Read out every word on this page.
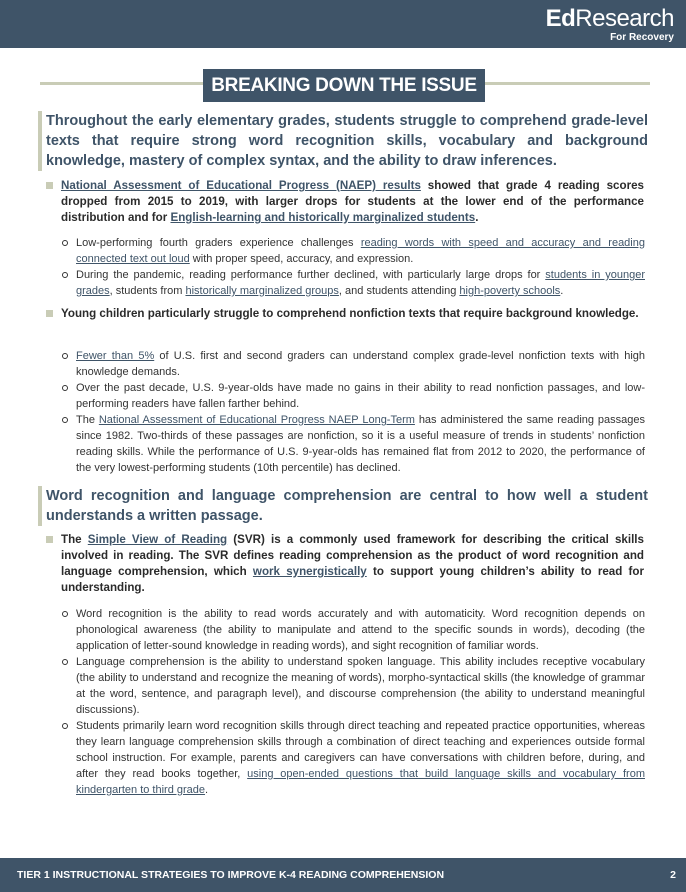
EdResearch
For Recovery
BREAKING DOWN THE ISSUE
Throughout the early elementary grades, students struggle to comprehend grade-level texts that require strong word recognition skills, vocabulary and background knowledge, mastery of complex syntax, and the ability to draw inferences.
National Assessment of Educational Progress (NAEP) results showed that grade 4 reading scores dropped from 2015 to 2019, with larger drops for students at the lower end of the performance distribution and for English-learning and historically marginalized students.
Low-performing fourth graders experience challenges reading words with speed and accuracy and reading connected text out loud with proper speed, accuracy, and expression.
During the pandemic, reading performance further declined, with particularly large drops for students in younger grades, students from historically marginalized groups, and students attending high-poverty schools.
Young children particularly struggle to comprehend nonfiction texts that require background knowledge.
Fewer than 5% of U.S. first and second graders can understand complex grade-level nonfiction texts with high knowledge demands.
Over the past decade, U.S. 9-year-olds have made no gains in their ability to read nonfiction passages, and low-performing readers have fallen farther behind.
The National Assessment of Educational Progress NAEP Long-Term has administered the same reading passages since 1982. Two-thirds of these passages are nonfiction, so it is a useful measure of trends in students’ nonfiction reading skills. While the performance of U.S. 9-year-olds has remained flat from 2012 to 2020, the performance of the very lowest-performing students (10th percentile) has declined.
Word recognition and language comprehension are central to how well a student understands a written passage.
The Simple View of Reading (SVR) is a commonly used framework for describing the critical skills involved in reading. The SVR defines reading comprehension as the product of word recognition and language comprehension, which work synergistically to support young children’s ability to read for understanding.
Word recognition is the ability to read words accurately and with automaticity. Word recognition depends on phonological awareness (the ability to manipulate and attend to the specific sounds in words), decoding (the application of letter-sound knowledge in reading words), and sight recognition of familiar words.
Language comprehension is the ability to understand spoken language. This ability includes receptive vocabulary (the ability to understand and recognize the meaning of words), morpho-syntactical skills (the knowledge of grammar at the word, sentence, and paragraph level), and discourse comprehension (the ability to understand meaningful discussions).
Students primarily learn word recognition skills through direct teaching and repeated practice opportunities, whereas they learn language comprehension skills through a combination of direct teaching and experiences outside formal school instruction. For example, parents and caregivers can have conversations with children before, during, and after they read books together, using open-ended questions that build language skills and vocabulary from kindergarten to third grade.
TIER 1 INSTRUCTIONAL STRATEGIES TO IMPROVE K-4 READING COMPREHENSION	2
